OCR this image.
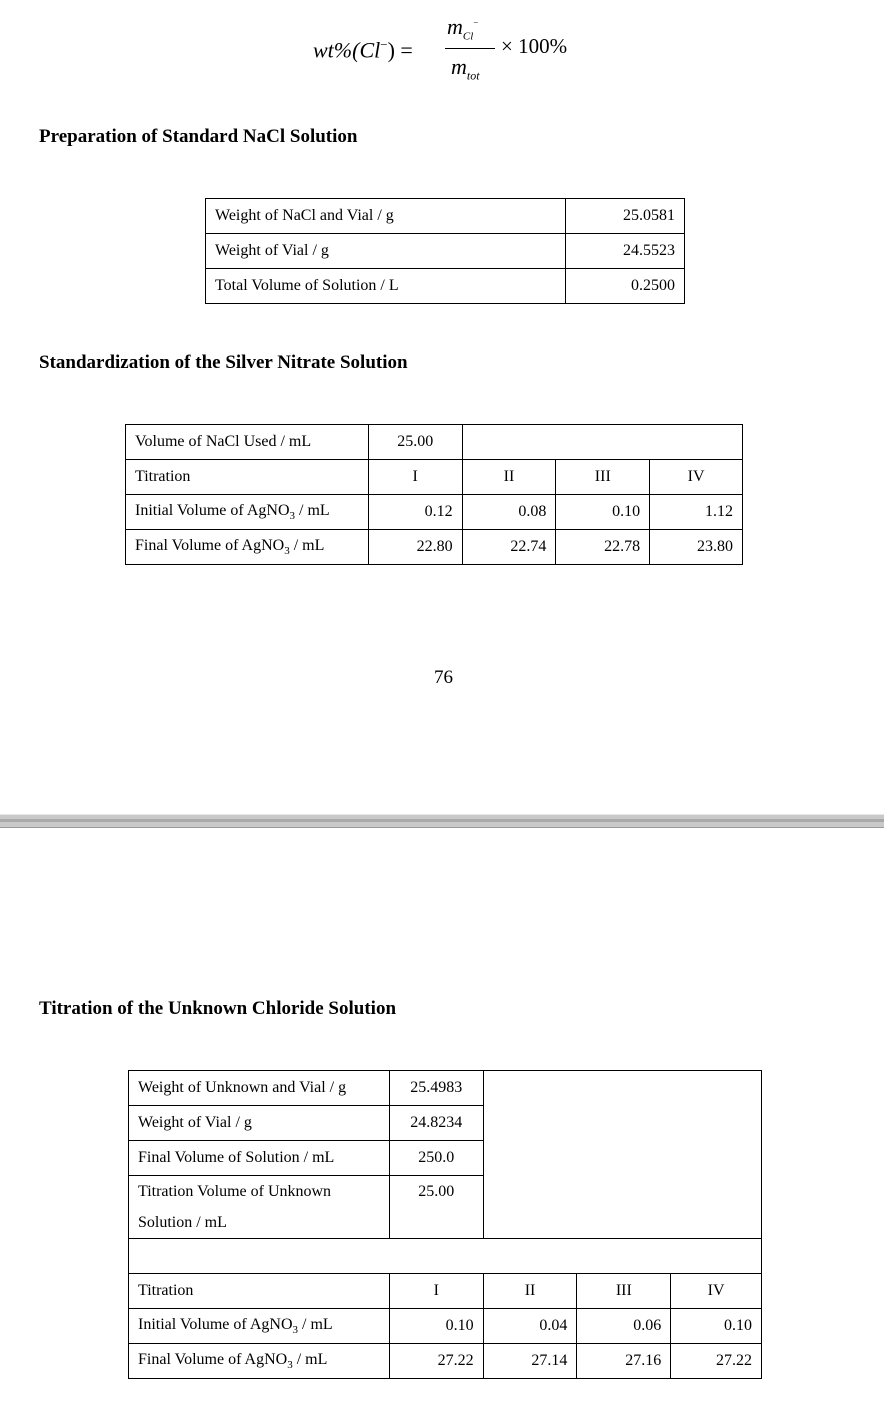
wt%(Cl−) =
$m_{Cl}^-$
$m_{tot}$
× 100%
Preparation of Standard NaCl Solution
Weight of NaCl and Vial / g	25.0581
Weight of Vial / g	24.5523
Total Volume of Solution / L	0.2500
Standardization of the Silver Nitrate Solution
Volume of NaCl Used / mL	25.00			
Titration	I	II	III	IV
Initial Volume of AgNO$_3$ / mL	0.12	0.08	0.10	1.12
Final Volume of AgNO$_3$ / mL	22.80	22.74	22.78	23.80
76
Titration of the Unknown Chloride Solution
Weight of Unknown and Vial / g	25.4983			
Weight of Vial / g	24.8234			
Final Volume of Solution / mL	250.0			
Titration Volume of Unknown
Solution / mL	25.00			

Titration	I	II	III	IV
Initial Volume of AgNO$_3$ / mL	0.10	0.04	0.06	0.10
Final Volume of AgNO$_3$ / mL	27.22	27.14	27.16	27.22
